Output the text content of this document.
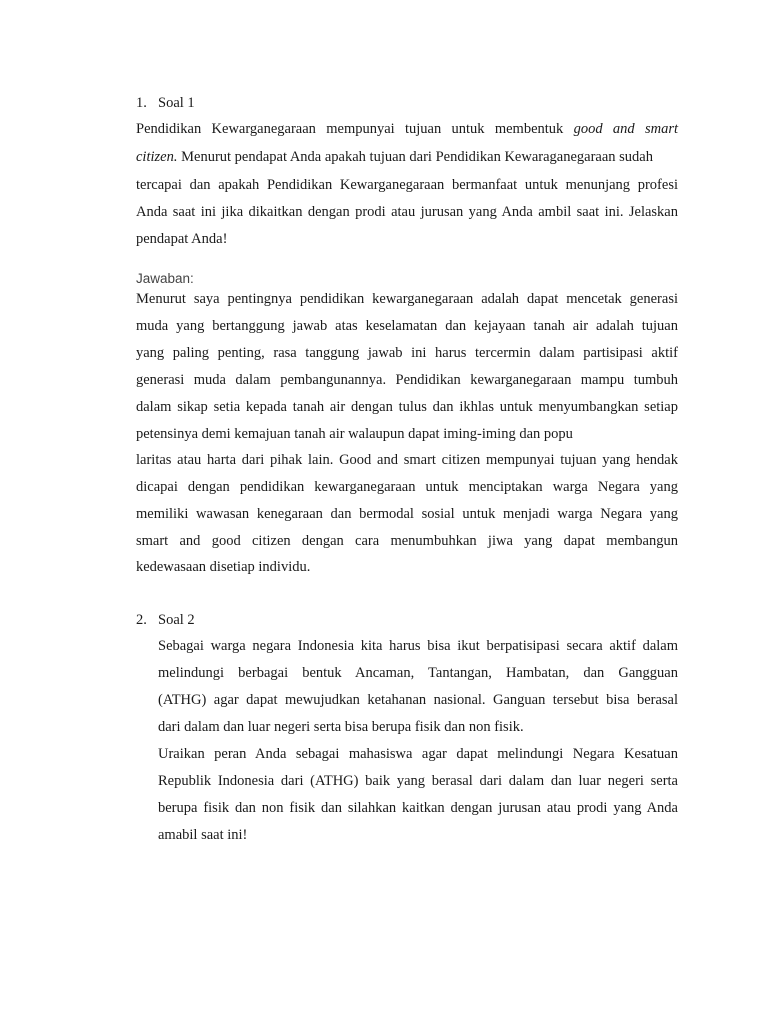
1. Soal 1
Pendidikan Kewarganegaraan mempunyai tujuan untuk membentuk good and smart
citizen. Menurut pendapat Anda apakah tujuan dari Pendidikan Kewaraganegaraan sudah
tercapai dan apakah Pendidikan Kewarganegaraan bermanfaat untuk menunjang profesi
Anda saat ini jika dikaitkan dengan prodi atau jurusan yang Anda ambil saat ini. Jelaskan
pendapat Anda!
Jawaban:
Menurut saya pentingnya pendidikan kewarganegaraan adalah dapat mencetak generasi
muda yang bertanggung jawab atas keselamatan dan kejayaan tanah air adalah tujuan
yang paling penting, rasa tanggung jawab ini harus tercermin dalam partisipasi aktif
generasi muda dalam pembangunannya. Pendidikan kewarganegaraan mampu tumbuh
dalam sikap setia kepada tanah air dengan tulus dan ikhlas untuk menyumbangkan setiap
petensinya demi kemajuan tanah air walaupun dapat iming-iming dan popu
laritas atau harta dari pihak lain. Good and smart citizen mempunyai tujuan yang hendak
dicapai dengan pendidikan kewarganegaraan untuk menciptakan warga Negara yang
memiliki wawasan kenegaraan dan bermodal sosial untuk menjadi warga Negara yang
smart and good citizen dengan cara menumbuhkan jiwa yang dapat membangun
kedewasaan disetiap individu.
2. Soal 2
Sebagai warga negara Indonesia kita harus bisa ikut berpatisipasi secara aktif dalam
melindungi berbagai bentuk Ancaman, Tantangan, Hambatan, dan Gangguan
(ATHG) agar dapat mewujudkan ketahanan nasional. Ganguan tersebut bisa berasal
dari dalam dan luar negeri serta bisa berupa fisik dan non fisik.
Uraikan peran Anda sebagai mahasiswa agar dapat melindungi Negara Kesatuan
Republik Indonesia dari (ATHG) baik yang berasal dari dalam dan luar negeri serta
berupa fisik dan non fisik dan silahkan kaitkan dengan jurusan atau prodi yang Anda
amabil saat ini!
